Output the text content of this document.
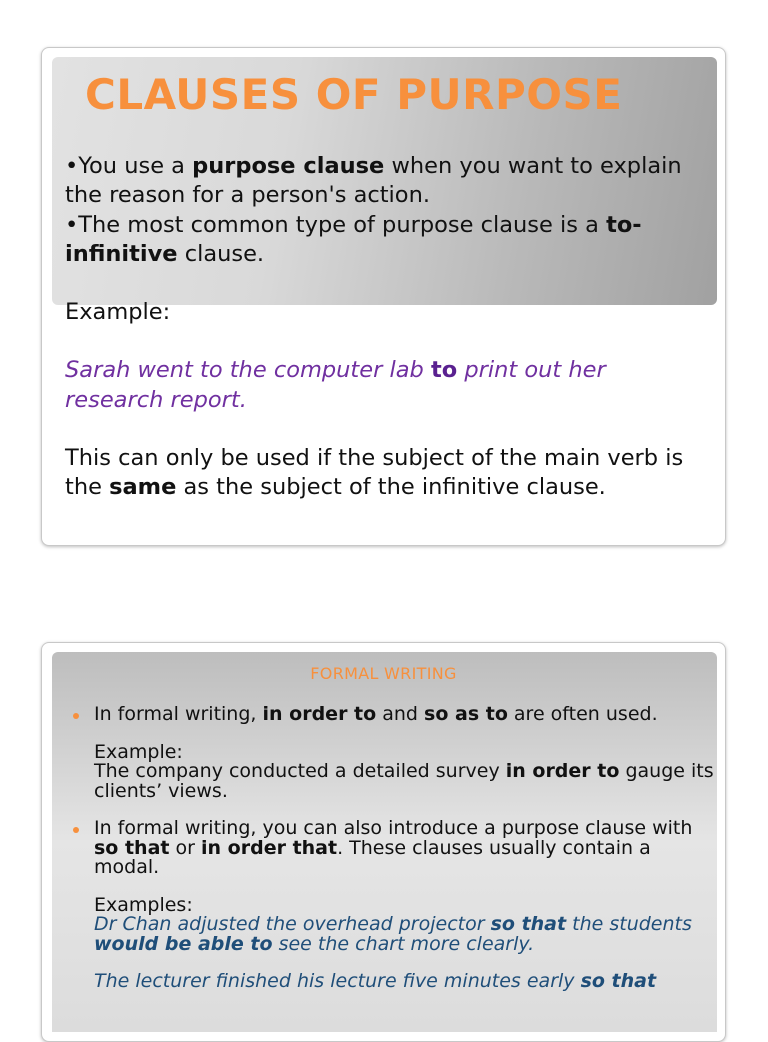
CLAUSES OF PURPOSE

•You use a purpose clause when you want to explain the reason for a person's action.

•The most common type of purpose clause is a to-infinitive clause.

Example:

Sarah went to the computer lab to print out her research report.

This can only be used if the subject of the main verb is the same as the subject of the infinitive clause.

FORMAL WRITING

In formal writing, in order to and so as to are often used.

Example:

The company conducted a detailed survey in order to gauge its clients’ views.

In formal writing, you can also introduce a purpose clause with so that or in order that. These clauses usually contain a modal.

Examples:

Dr Chan adjusted the overhead projector so that the students would be able to see the chart more clearly.

The lecturer finished his lecture five minutes early so that
